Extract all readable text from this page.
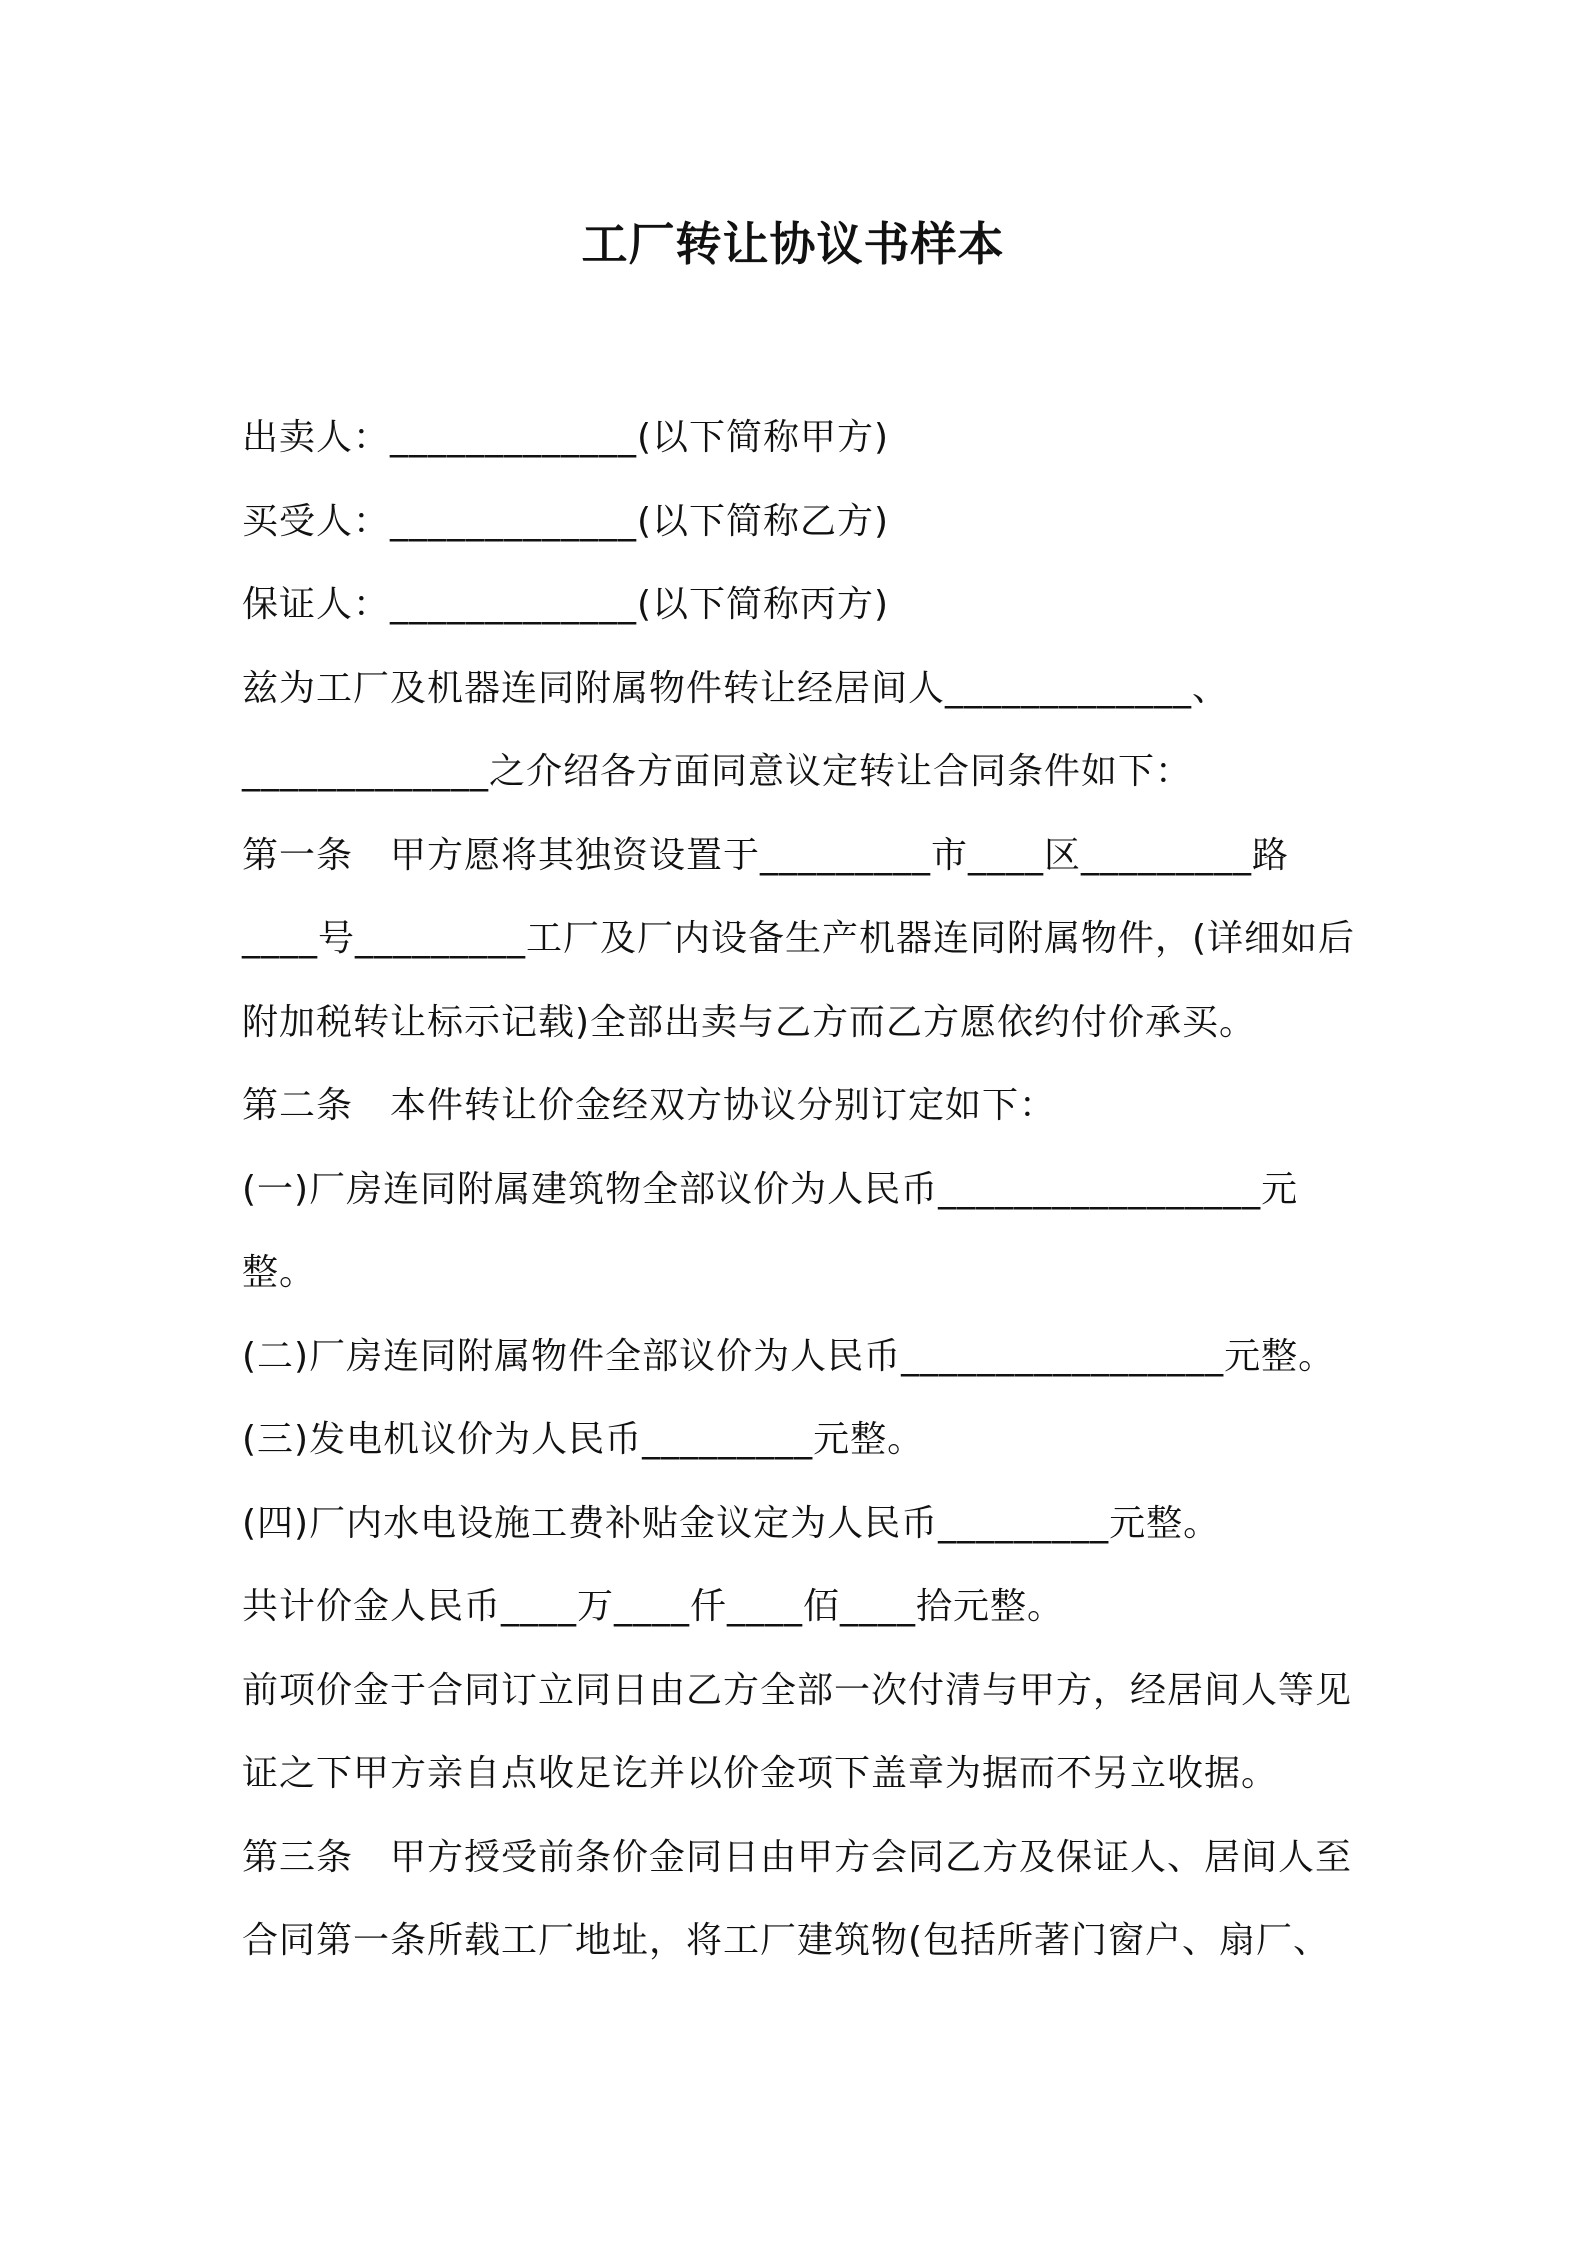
工厂转让协议书样本
出卖人：_____________(以下简称甲方)
买受人：_____________(以下简称乙方)
保证人：_____________(以下简称丙方)
兹为工厂及机器连同附属物件转让经居间人_____________、
_____________之介绍各方面同意议定转让合同条件如下：
第一条　甲方愿将其独资设置于_________市____区_________路
____号_________工厂及厂内设备生产机器连同附属物件，(详细如后
附加税转让标示记载)全部出卖与乙方而乙方愿依约付价承买。
第二条　本件转让价金经双方协议分别订定如下：
(一)厂房连同附属建筑物全部议价为人民币_________________元
整。
(二)厂房连同附属物件全部议价为人民币_________________元整。
(三)发电机议价为人民币_________元整。
(四)厂内水电设施工费补贴金议定为人民币_________元整。
共计价金人民币____万____仟____佰____拾元整。
前项价金于合同订立同日由乙方全部一次付清与甲方，经居间人等见
证之下甲方亲自点收足讫并以价金项下盖章为据而不另立收据。
第三条　甲方授受前条价金同日由甲方会同乙方及保证人、居间人至
合同第一条所载工厂地址，将工厂建筑物(包括所著门窗户、扇厂、
